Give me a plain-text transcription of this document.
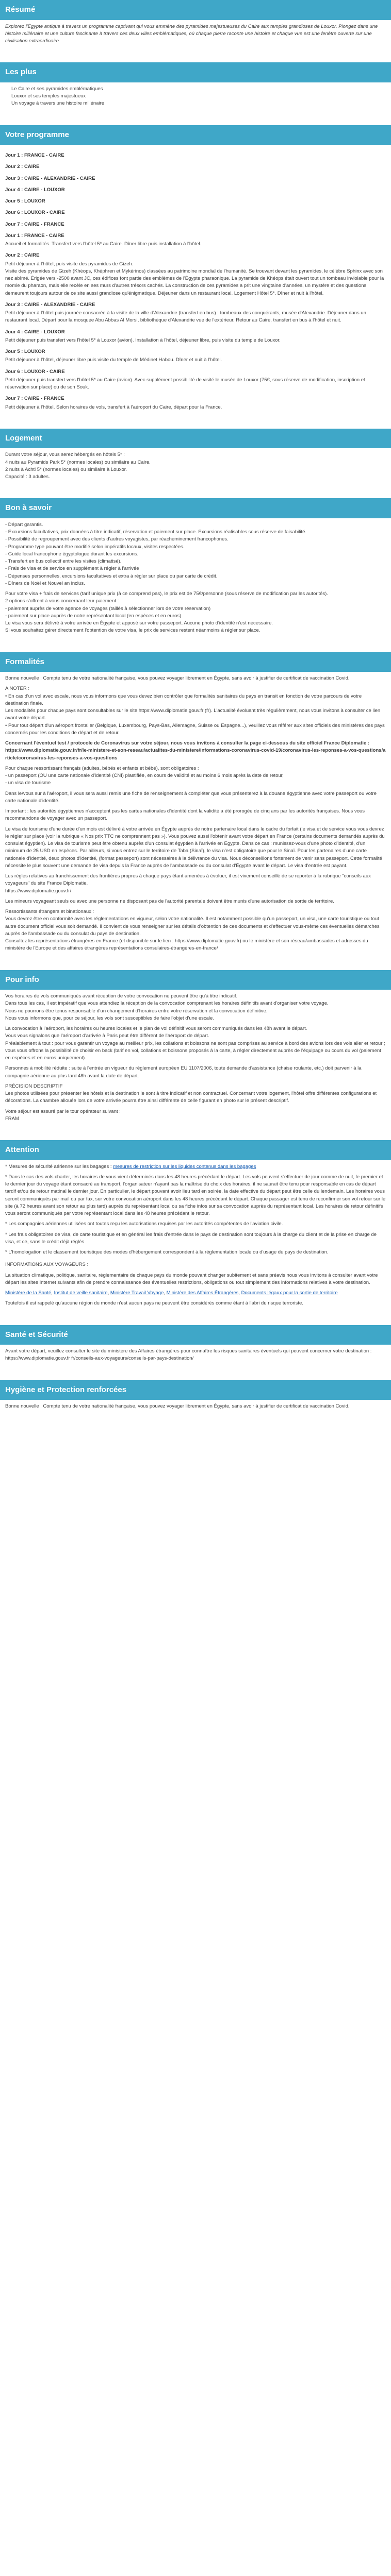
Résumé

Explorez l'Égypte antique à travers un programme captivant qui vous emmène des pyramides majestueuses du Caire aux temples grandioses de Louxor. Plongez dans une histoire millénaire et une culture fascinante à travers ces deux villes emblématiques, où chaque pierre raconte une histoire et chaque vue est une fenêtre ouverte sur une civilisation extraordinaire.

Les plus
Le Caire et ses pyramides emblématiques
Louxor et ses temples majestueux
Un voyage à travers une histoire millénaire
Votre programme
Jour 1 : FRANCE - CAIRE
Jour 2 : CAIRE
Jour 3 : CAIRE - ALEXANDRIE - CAIRE
Jour 4 : CAIRE - LOUXOR
Jour 5 : LOUXOR
Jour 6 : LOUXOR - CAIRE
Jour 7 : CAIRE - FRANCE
Jour 1 : FRANCE - CAIRE

Accueil et formalités. Transfert vers l'hôtel 5* au Caire. Dîner libre puis installation à l'hôtel.

Jour 2 : CAIRE

Petit déjeuner à l'hôtel, puis visite des pyramides de Gizeh.
Visite des pyramides de Gizeh (Khéops, Khéphren et Mykérinos) classées au patrimoine mondial de l'humanité. Se trouvant devant les pyramides, le célèbre Sphinx avec son nez abîmé. Érigée vers -2500 avant JC, ces édifices font partie des emblèmes de l'Égypte pharaonique. La pyramide de Khéops était ouvert tout un tombeau inviolable pour la momie du pharaon, mais elle recèle en ses murs d'autres trésors cachés. La construction de ces pyramides a prit une vingtaine d'années, un mystère et des questions demeurent toujours autour de ce site aussi grandiose qu'énigmatique. Déjeuner dans un restaurant local. Logement Hôtel 5*. Dîner et nuit à l'hôtel.

Jour 3 : CAIRE - ALEXANDRIE - CAIRE

Petit déjeuner à l'hôtel puis journée consacrée à la visite de la ville d'Alexandrie (transfert en bus) : tombeaux des conquérants, musée d'Alexandrie. Déjeuner dans un restaurant local. Départ pour la mosquée Abu Abbas Al Morsi, bibliothèque d'Alexandrie vue de l'extérieur. Retour au Caire, transfert en bus à l'hôtel et nuit.

Jour 4 : CAIRE - LOUXOR

Petit déjeuner puis transfert vers l'hôtel 5* à Louxor (avion). Installation à l'hôtel, déjeuner libre, puis visite du temple de Louxor.

Jour 5 : LOUXOR

Petit déjeuner à l'hôtel, déjeuner libre puis visite du temple de Médinet Habou. Dîner et nuit à l'hôtel.

Jour 6 : LOUXOR - CAIRE

Petit déjeuner puis transfert vers l'hôtel 5* au Caire (avion). Avec supplément possibilité de visité le musée de Louxor (75€, sous réserve de modification, inscription et réservation sur place) ou de son Souk.

Jour 7 : CAIRE - FRANCE

Petit déjeuner à l'hôtel. Selon horaires de vols, transfert à l'aéroport du Caire, départ pour la France.

Logement

Durant votre séjour, vous serez hébergés en hôtels 5* :
4 nuits au Pyramids Park 5* (normes locales) ou similaire au Caire.
2 nuits à Achti 5* (normes locales) ou similaire à Louxor.
Capacité : 3 adultes.

Bon à savoir
- Départ garantis.
- Excursions facultatives, prix données à titre indicatif, réservation et paiement sur place. Excursions réalisables sous réserve de faisabilité.
- Possibilité de regroupement avec des clients d'autres voyagistes, par réacheminement francophones.
- Programme type pouvant être modifié selon impératifs locaux, visites respectées.
- Guide local francophone égyptologue durant les excursions.
- Transfert en bus collectif entre les visites (climatisé).
- Frais de visa et de service en supplément à régler à l'arrivée
- Dépenses personnelles, excursions facultatives et extra à régler sur place ou par carte de crédit.
- Dîners de Noël et Nouvel an inclus.

Pour votre visa + frais de services (tarif unique prix (à ce comprend pas), le prix est de 75€/personne (sous réserve de modification par les autorités).
2 options s'offrent à vous concernant leur paiement :
- paiement auprès de votre agence de voyages (taillés à sélectionner lors de votre réservation)
- paiement sur place auprès de notre représentant local (en espèces et en euros).
Le visa vous sera délivré à votre arrivée en Égypte et apposé sur votre passeport. Aucune photo d'identité n'est nécessaire.
Si vous souhaitez gérer directement l'obtention de votre visa, le prix de services restent néanmoins à régler sur place.

Formalités

Bonne nouvelle : Compte tenu de votre nationalité française, vous pouvez voyager librement en Égypte, sans avoir à justifier de certificat de vaccination Covid.

A NOTER :
• En cas d'un vol avec escale, nous vous informons que vous devez bien contrôler que formalités sanitaires du pays en transit en fonction de votre parcours de votre destination finale.
Les modalités pour chaque pays sont consultables sur le site https://www.diplomatie.gouv.fr (fr). L'actualité évoluant très régulièrement, nous vous invitons à consulter ce lien avant votre départ.
• Pour tout départ d'un aéroport frontalier (Belgique, Luxembourg, Pays-Bas, Allemagne, Suisse ou Espagne...), veuillez vous référer aux sites officiels des ministères des pays concernés pour les conditions de départ et de retour.

Concernant l'éventuel test / protocole de Coronavirus sur votre séjour, nous vous invitons à consulter la page ci-dessous du site officiel France Diplomatie :

https://www.diplomatie.gouv.fr/fr/le-ministere-et-son-reseau/actualites-du-ministere/informations-coronavirus-covid-19/coronavirus-les-reponses-a-vos-questions/article/coronavirus-les-reponses-a-vos-questions

Pour chaque ressortissant français (adultes, bébés et enfants et bébé), sont obligatoires :
- un passeport (OU une carte nationale d'identité (CNI) plastifiée, en cours de validité et au moins 6 mois après la date de retour,
- un visa de tourisme

Dans le/vous sur à l'aéroport, il vous sera aussi remis une fiche de renseignement à compléter que vous présenterez à la douane égyptienne avec votre passeport ou votre carte nationale d'identité.

Important : les autorités égyptiennes n'acceptent pas les cartes nationales d'identité dont la validité a été prorogée de cinq ans par les autorités françaises. Nous vous recommandons de voyager avec un passeport.

Le visa de tourisme d'une durée d'un mois est délivré à votre arrivée en Égypte auprès de notre partenaire local dans le cadre du forfait (le visa et de service vous vous devrez le régler sur place (voir la rubrique « Nos prix TTC ne comprennent pas »). Vous pouvez aussi l'obtenir avant votre départ en France (certains documents demandés auprès du consulat égyptien). Le visa de tourisme peut être obtenu auprès d'un consulat égyptien à l'arrivée en Égypte. Dans ce cas : munissez-vous d'une photo d'identité, d'un minimum de 25 USD en espèces. Par ailleurs, si vous entrez sur le territoire de Taba (Sinaï), le visa n'est obligatoire que pour le Sinaï. Pour les partenaires d'une carte nationale d'identité, deux photos d'identité, (format passeport) sont nécessaires à la délivrance du visa. Nous déconseillons fortement de venir sans passeport. Cette formalité nécessite le plus souvent une demande de visa depuis la France auprès de l'ambassade ou du consulat d'Égypte avant le départ. Le visa d'entrée est payant.

Les règles relatives au franchissement des frontières propres à chaque pays étant amenées à évoluer, il est vivement conseillé de se reporter à la rubrique "conseils aux voyageurs" du site France Diplomatie.
https://www.diplomatie.gouv.fr/

Les mineurs voyageant seuls ou avec une personne ne disposant pas de l'autorité parentale doivent être munis d'une autorisation de sortie de territoire.

Ressortissants étrangers et binationaux :
Vous devrez être en conformité avec les réglementations en vigueur, selon votre nationalité. Il est notamment possible qu'un passeport, un visa, une carte touristique ou tout autre document officiel vous soit demandé. Il convient de vous renseigner sur les détails d'obtention de ces documents et d'effectuer vous-même ces éventuelles démarches auprès de l'ambassade ou du consulat du pays de destination.
Consultez les représentations étrangères en France (et disponible sur le lien : https://www.diplomatie.gouv.fr) ou le ministère et son réseau/ambassades et adresses du ministère de l'Europe et des affaires étrangères représentations consulaires-étrangères-en-france/

Pour info

Vos horaires de vols communiqués avant réception de votre convocation ne peuvent être qu'à titre indicatif.
Dans tous les cas, il est impératif que vous attendiez la réception de la convocation comprenant les horaires définitifs avant d'organiser votre voyage.
Nous ne pourrons être tenus responsable d'un changement d'horaires entre votre réservation et la convocation définitive.
Nous vous informons que, pour ce séjour, les vols sont susceptibles de faire l'objet d'une escale.

La convocation à l'aéroport, les horaires ou heures locales et le plan de vol définitif vous seront communiqués dans les 48h avant le départ.
Vous vous signalons que l'aéroport d'arrivée à Paris peut être différent de l'aéroport de départ.
Préalablement à tout : pour vous garantir un voyage au meilleur prix, les collations et boissons ne sont pas comprises au service à bord des avions lors des vols aller et retour ; vous vous offrons la possibilité de choisir en back (tarif en vol, collations et boissons proposés à la carte, à régler directement auprès de l'équipage ou cours du vol (paiement en espèces et en euros uniquement).

Personnes à mobilité réduite : suite à l'entrée en vigueur du règlement européen EU 1107/2006, toute demande d'assistance (chaise roulante, etc.) doit parvenir à la compagnie aérienne au plus tard 48h avant la date de départ.

PRÉCISION DESCRIPTIF
Les photos utilisées pour présenter les hôtels et la destination le sont à titre indicatif et non contractuel. Concernant votre logement, l'hôtel offre différentes configurations et décorations. La chambre allouée lors de votre arrivée pourra être ainsi différente de celle figurant en photo sur le présent descriptif.

Votre séjour est assuré par le tour opérateur suivant :
FRAM

Attention

* Mesures de sécurité aérienne sur les bagages : mesures de restriction sur les liquides contenus dans les bagages

* Dans le cas des vols charter, les horaires de vous vient déterminés dans les 48 heures précédant le départ. Les vols peuvent s'effectuer de jour comme de nuit, le premier et le dernier jour du voyage étant consacré au transport, l'organisateur n'ayant pas la maîtrise du choix des horaires, il ne saurait être tenu pour responsable en cas de départ tardif et/ou de retour matinal le dernier jour. En particulier, le départ pouvant avoir lieu tard en soirée, la date effective du départ peut être celle du lendemain. Les horaires vous seront communiqués par mail ou par fax, sur votre convocation aéroport dans les 48 heures précédant le départ. Chaque passager est tenu de reconfirmer son vol retour sur le site (à 72 heures avant son retour au plus tard) auprès du représentant local ou sa fiche infos sur sa convocation auprès du représentant local. Les horaires de retour définitifs vous seront communiqués par votre représentant local dans les 48 heures précédant le retour.

* Les compagnies aériennes utilisées ont toutes reçu les autorisations requises par les autorités compétentes de l'aviation civile.

* Les frais obligatoires de visa, de carte touristique et en général les frais d'entrée dans le pays de destination sont toujours à la charge du client et de la prise en charge de visa, et ce, sans le crédit déjà réglés.

* L'homologation et le classement touristique des modes d'hébergement correspondent à la réglementation locale ou d'usage du pays de destination.

INFORMATIONS AUX VOYAGEURS :

La situation climatique, politique, sanitaire, réglementaire de chaque pays du monde pouvant changer subitement et sans préavis nous vous invitons à consulter avant votre départ les sites Internet suivants afin de prendre connaissance des éventuelles restrictions, obligations ou tout simplement des informations relatives à votre destination.

Ministère de la Santé, Institut de veille sanitaire, Ministère Travail Voyage, Ministère des Affaires Étrangères, Documents légaux pour la sortie de territoire

Toutefois il est rappelé qu'aucune région du monde n'est aucun pays ne peuvent être considérés comme étant à l'abri du risque terroriste.

Santé et Sécurité

Avant votre départ, veuillez consulter le site du ministère des Affaires étrangères pour connaître les risques sanitaires éventuels qui peuvent concerner votre destination : https://www.diplomatie.gouv.fr fr/conseils-aux-voyageurs/conseils-par-pays-destination/

Hygiène et Protection renforcées

Bonne nouvelle : Compte tenu de votre nationalité française, vous pouvez voyager librement en Égypte, sans avoir à justifier de certificat de vaccination Covid.
